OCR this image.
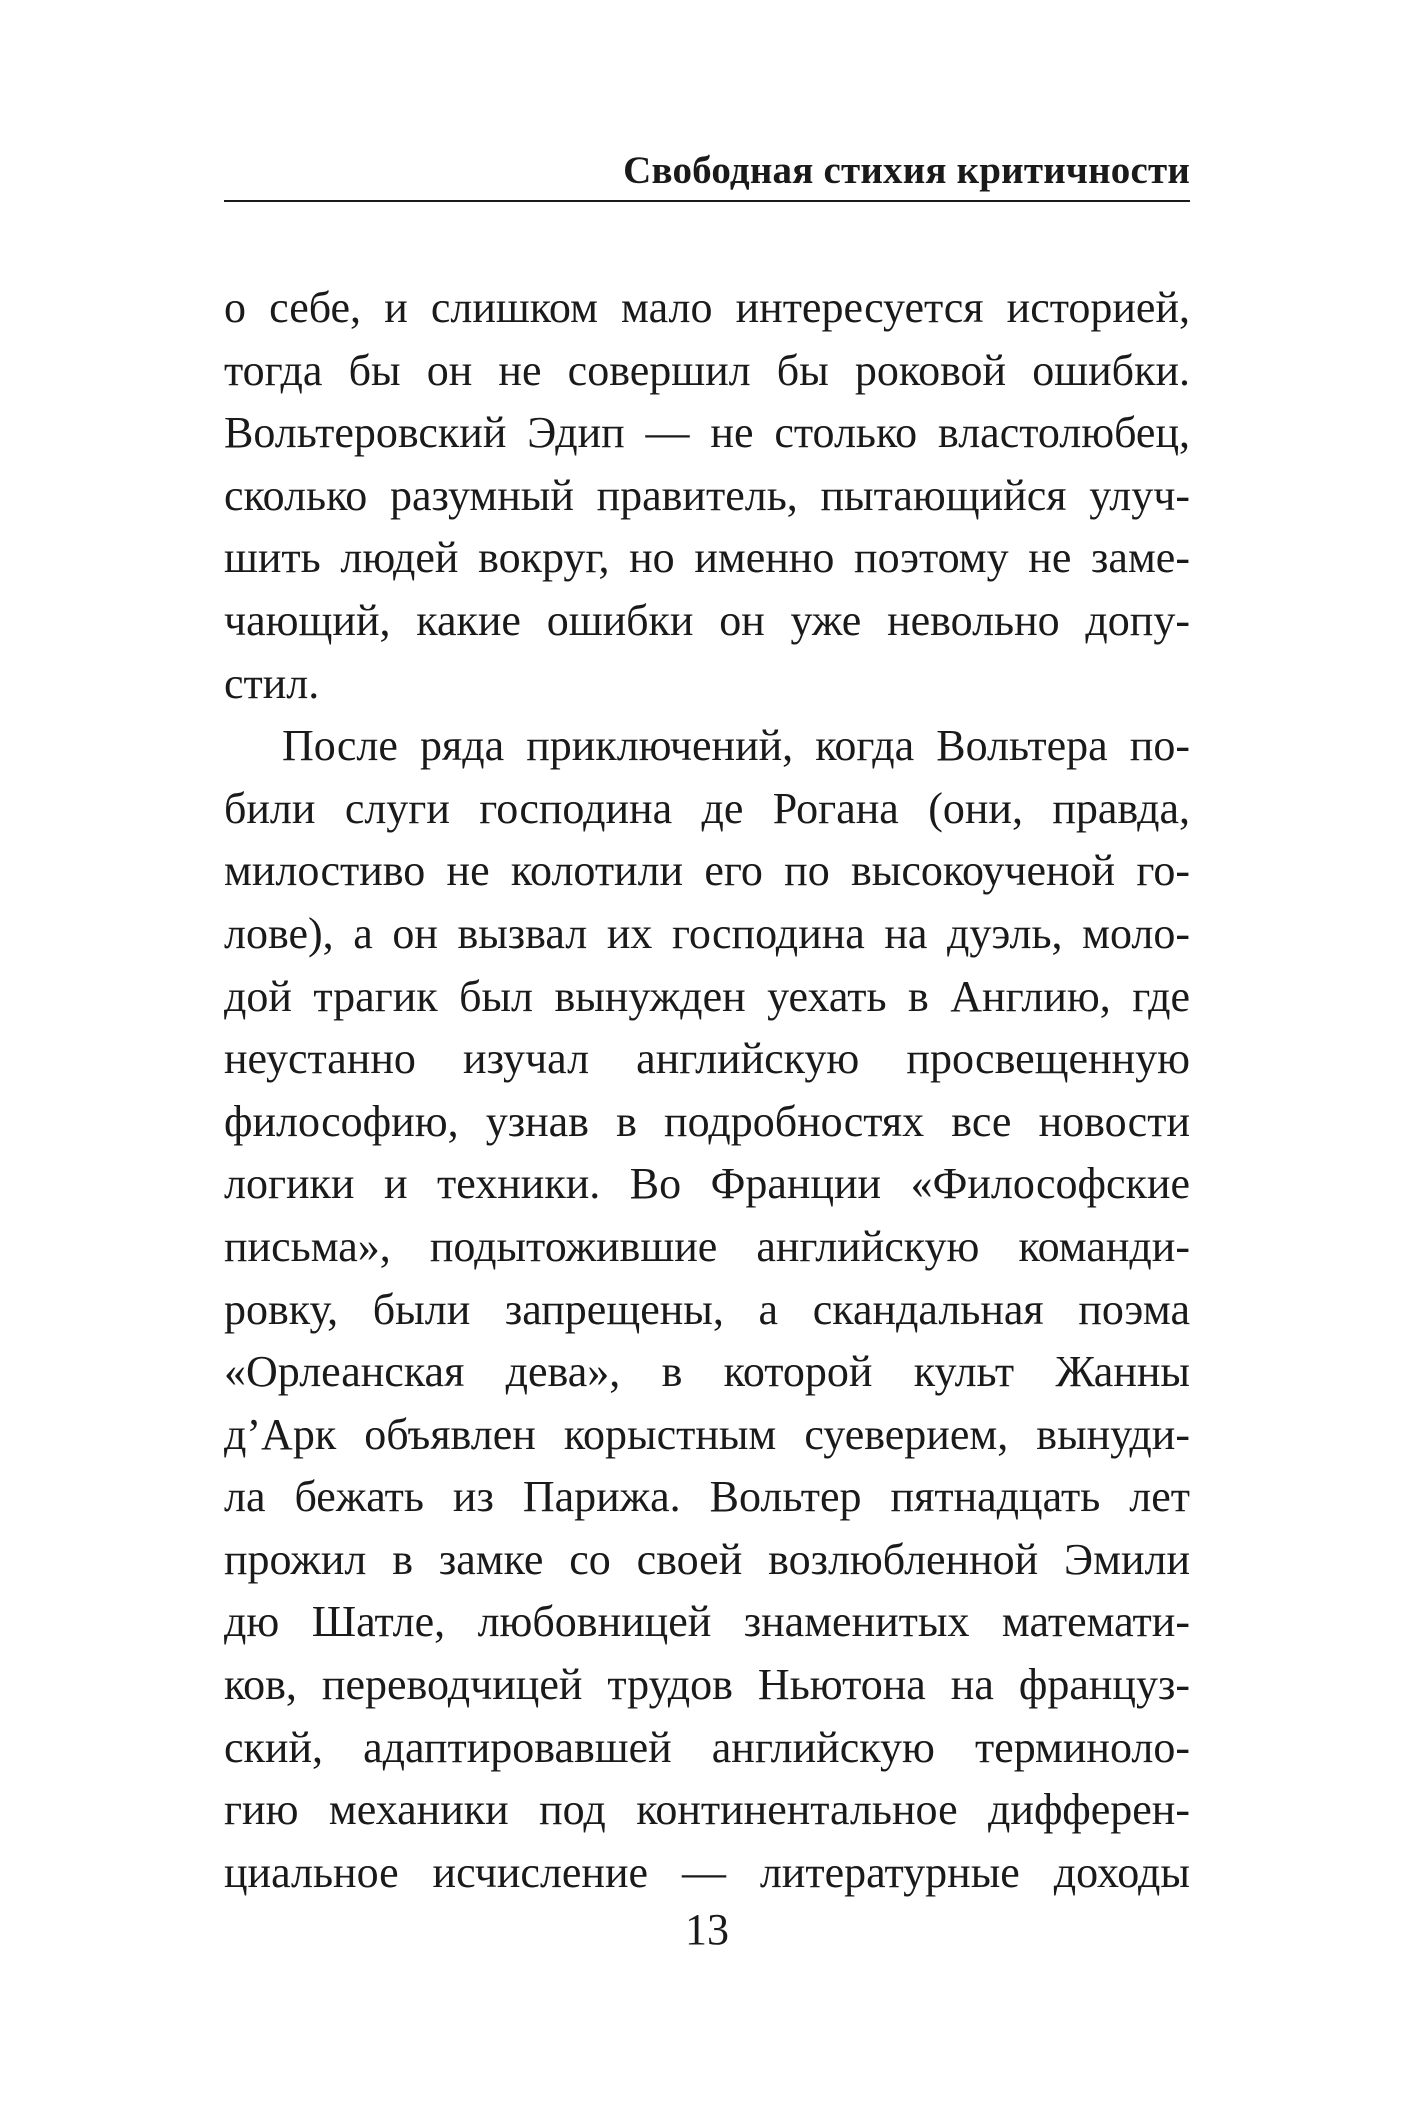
Свободная стихия критичности
о себе, и слишком мало интересуется историей,
тогда бы он не совершил бы роковой ошибки.
Вольтеровский Эдип — не столько властолюбец,
сколько разумный правитель, пытающийся улуч-
шить людей вокруг, но именно поэтому не заме-
чающий, какие ошибки он уже невольно допу-
стил.
После ряда приключений, когда Вольтера по-
били слуги господина де Рогана (они, правда,
милостиво не колотили его по высокоученой го-
лове), а он вызвал их господина на дуэль, моло-
дой трагик был вынужден уехать в Англию, где
неустанно изучал английскую просвещенную
философию, узнав в подробностях все новости
логики и техники. Во Франции «Философские
письма», подытожившие английскую команди-
ровку, были запрещены, а скандальная поэма
«Орлеанская дева», в которой культ Жанны
д’Арк объявлен корыстным суеверием, вынуди-
ла бежать из Парижа. Вольтер пятнадцать лет
прожил в замке со своей возлюбленной Эмили
дю Шатле, любовницей знаменитых математи-
ков, переводчицей трудов Ньютона на француз-
ский, адаптировавшей английскую терминоло-
гию механики под континентальное дифферен-
циальное исчисление — литературные доходы
13
